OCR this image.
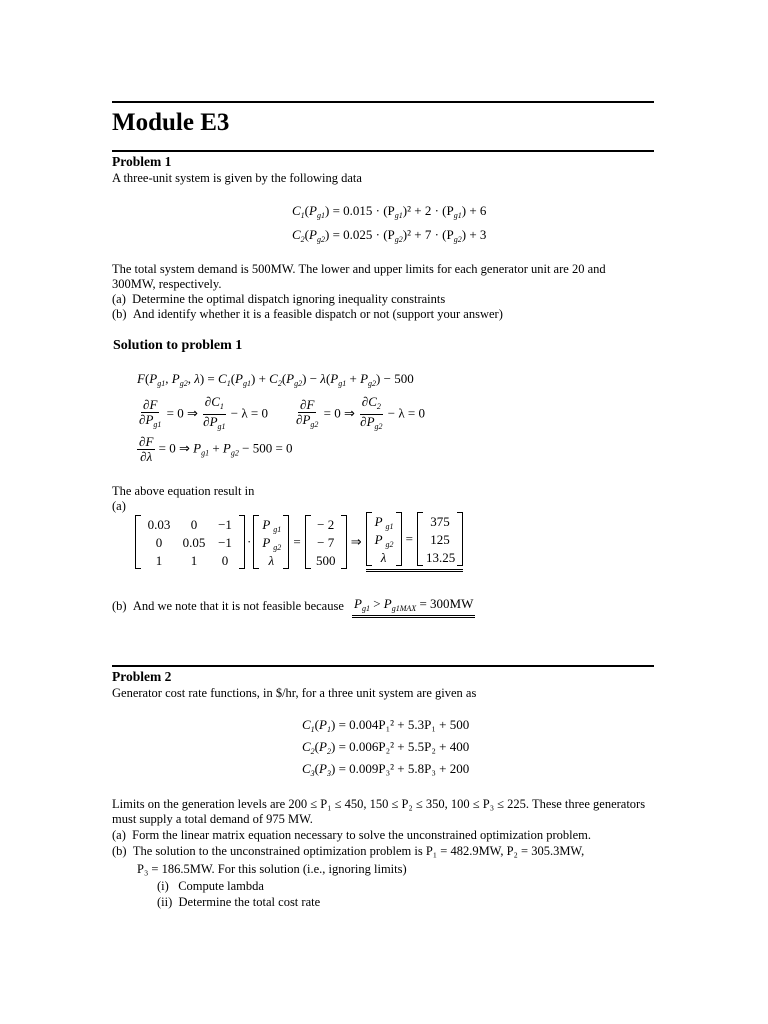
Module E3
Problem 1
A three-unit system is given by the following data
$C_1(P_{g1}) = 0.015 \cdot (P_{g1})^2 + 2 \cdot (P_{g1}) + 6$
$C_2(P_{g2}) = 0.025 \cdot (P_{g2})^2 + 7 \cdot (P_{g2}) + 3$
The total system demand is 500MW. The lower and upper limits for each generator unit are 20 and
300MW, respectively.
(a) Determine the optimal dispatch ignoring inequality constraints
(b) And identify whether it is a feasible dispatch or not (support your answer)
Solution to problem 1
$F(P_{g1}$, $P_{g2}$, $\lambda) = C_1(P_{g1}) + C_2(P_{g2}) - \lambda(P_{g1} + P_{g2}) - 500$
$\frac{\partial F}{\partial P_{g1}} = 0$ ⇒ $\frac{\partial C_1}{\partial P_{g1}} - \lambda = 0 \frac{\partial F}{\partial P_{g2}} = 0$ ⇒ $\frac{\partial C_2}{\partial P_{g2}} - \lambda = 0$
$\frac{\partial F}{\partial\lambda} = 0$ ⇒ $P_{g1} + P_{g2} - 500 = 0$
The above equation result in
(a)
0.03	0	−1
0	0.05 −1
1	1	0
·
P $_{g1}$
P $_{g2}$
λ
=
− 2
− 7
500
⇒
P $_{g1}$
P $_{g2}$
λ
=
375
125
13.25
(b) And we note that it is not feasible because $P_{g1} > P_{g1MAX} = 300MW$
Problem 2
Generator cost rate functions, in $/hr, for a three unit system are given as
$C_1(P_1) = 0.004P_1^2 + 5.3P_1 + 500$
$C_2(P_2) = 0.006P_2^2 + 5.5P_2 + 400$
$C_3(P_3) = 0.009P_3^2 + 5.8P_3 + 200$
Limits on the generation levels are 200 ≤ P₁ ≤ 450, 150 ≤ P₂ ≤ 350, 100 ≤ P₃ ≤ 225. These three generators
must supply a total demand of 975 MW.
(a) Form the linear matrix equation necessary to solve the unconstrained optimization problem.
(b) The solution to the unconstrained optimization problem is P₁ = 482.9MW, P₂ = 305.3MW,
P₃ = 186.5MW. For this solution (i.e., ignoring limits)
(i) Compute lambda
(ii) Determine the total cost rate
